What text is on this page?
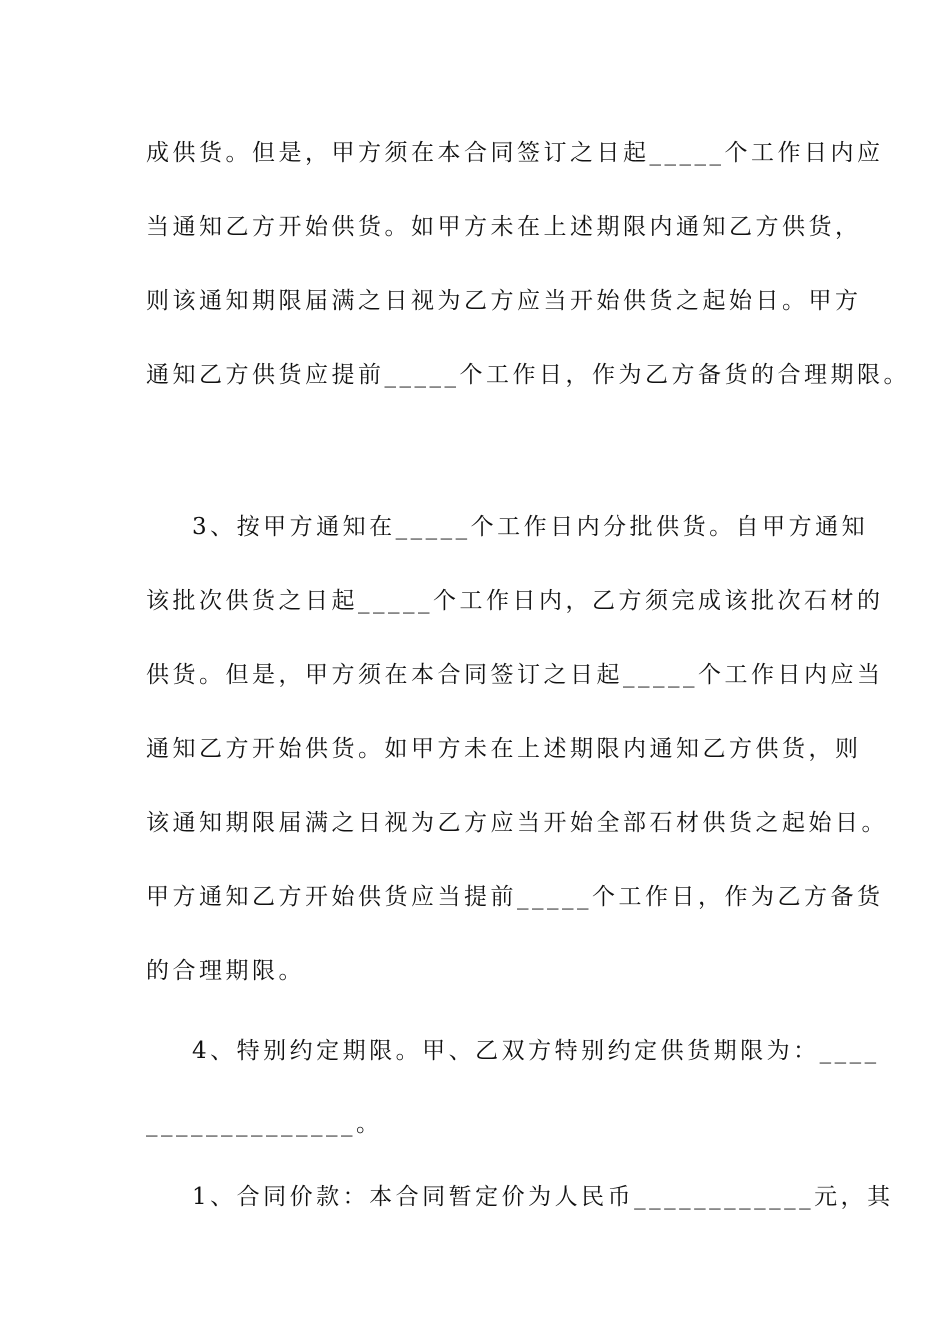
成供货。但是，甲方须在本合同签订之日起_____个工作日内应
当通知乙方开始供货。如甲方未在上述期限内通知乙方供货，
则该通知期限届满之日视为乙方应当开始供货之起始日。甲方
通知乙方供货应提前_____个工作日，作为乙方备货的合理期限。
3、按甲方通知在_____个工作日内分批供货。自甲方通知
该批次供货之日起_____个工作日内，乙方须完成该批次石材的
供货。但是，甲方须在本合同签订之日起_____个工作日内应当
通知乙方开始供货。如甲方未在上述期限内通知乙方供货，则
该通知期限届满之日视为乙方应当开始全部石材供货之起始日。
甲方通知乙方开始供货应当提前_____个工作日，作为乙方备货
的合理期限。
4、特别约定期限。甲、乙双方特别约定供货期限为：____
______________。
1、合同价款：本合同暂定价为人民币____________元，其
